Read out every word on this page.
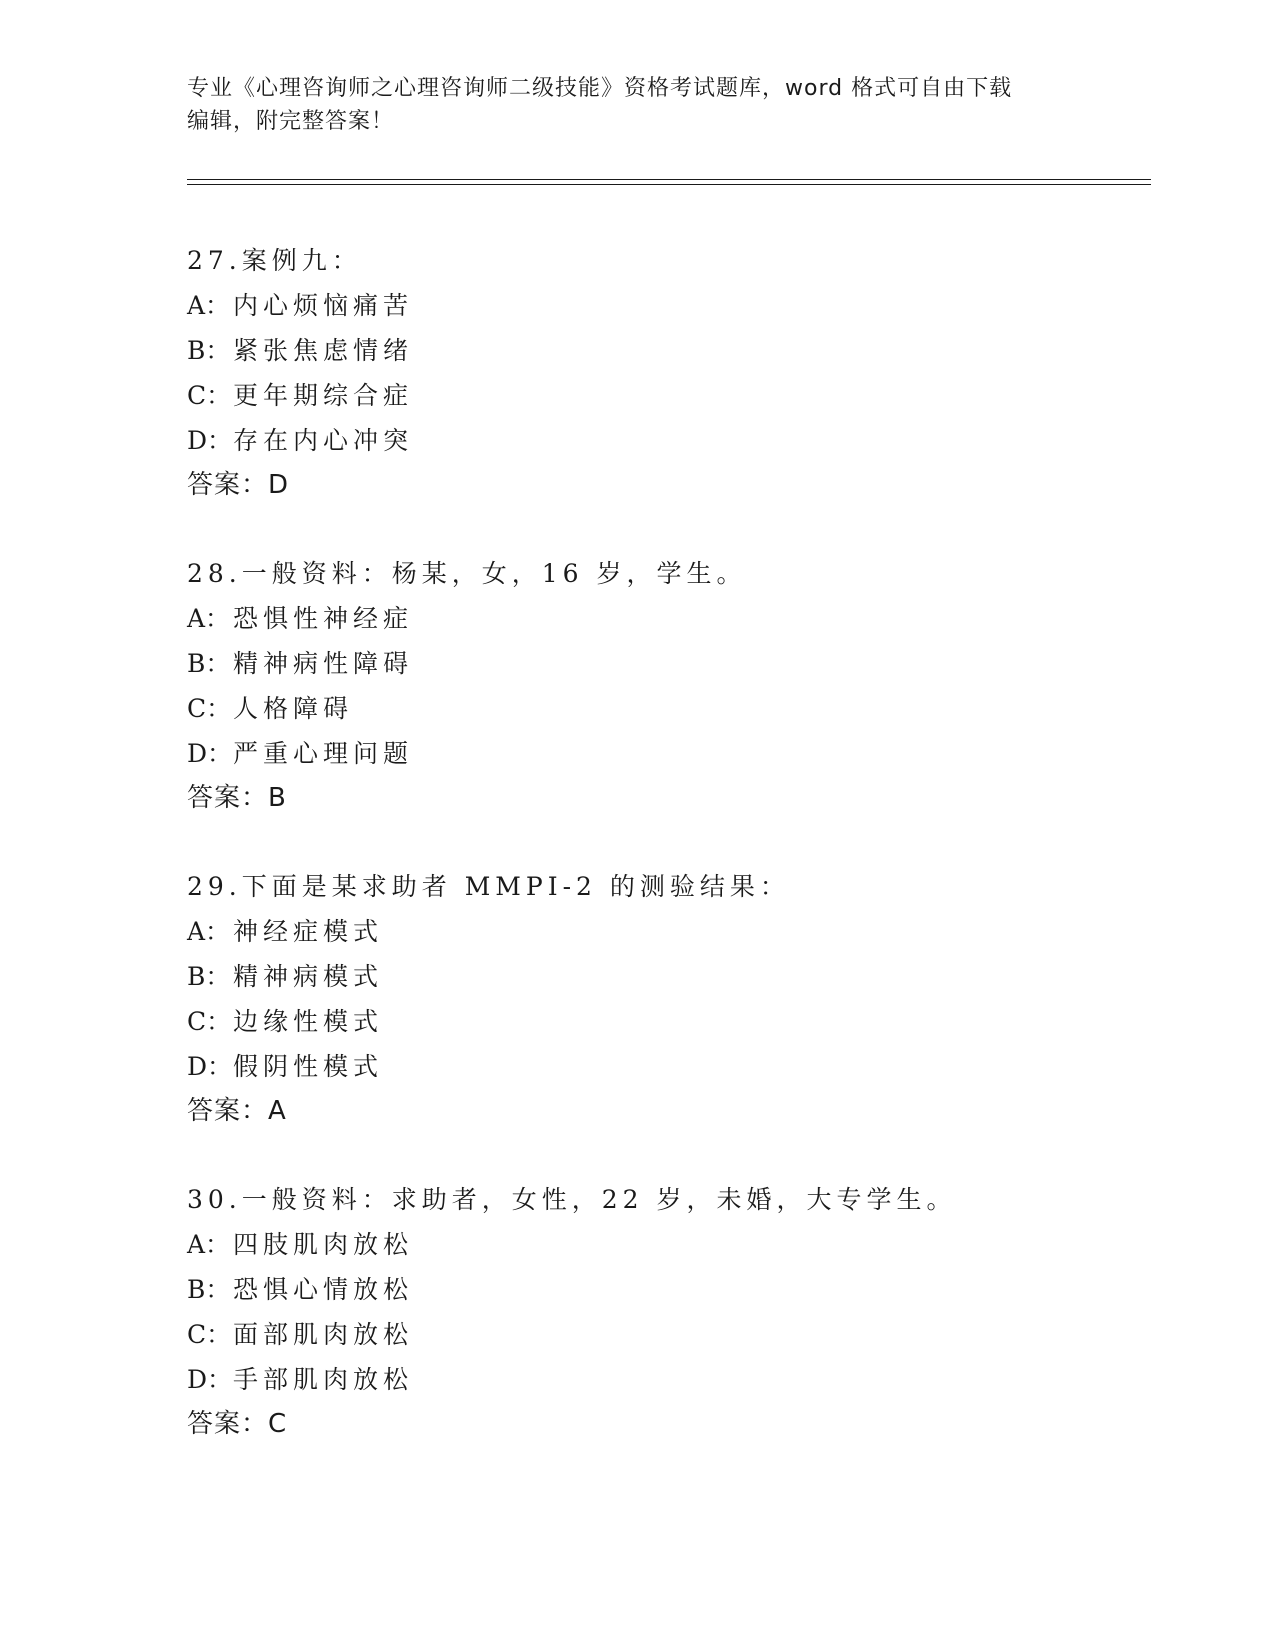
专业《心理咨询师之心理咨询师二级技能》资格考试题库，word 格式可自由下载
编辑，附完整答案！
27.案例九：
A： 内心烦恼痛苦
B： 紧张焦虑情绪
C：更年期综合症
D：存在内心冲突
答案：D
28.一般资料：杨某，女，16 岁，学生。
A： 恐惧性神经症
B： 精神病性障碍
C：人格障碍
D：严重心理问题
答案：B
29.下面是某求助者 MMPI-2 的测验结果：
A： 神经症模式
B： 精神病模式
C：边缘性模式
D：假阴性模式
答案：A
30.一般资料：求助者，女性，22 岁，未婚，大专学生。
A： 四肢肌肉放松
B： 恐惧心情放松
C：面部肌肉放松
D：手部肌肉放松
答案：C
